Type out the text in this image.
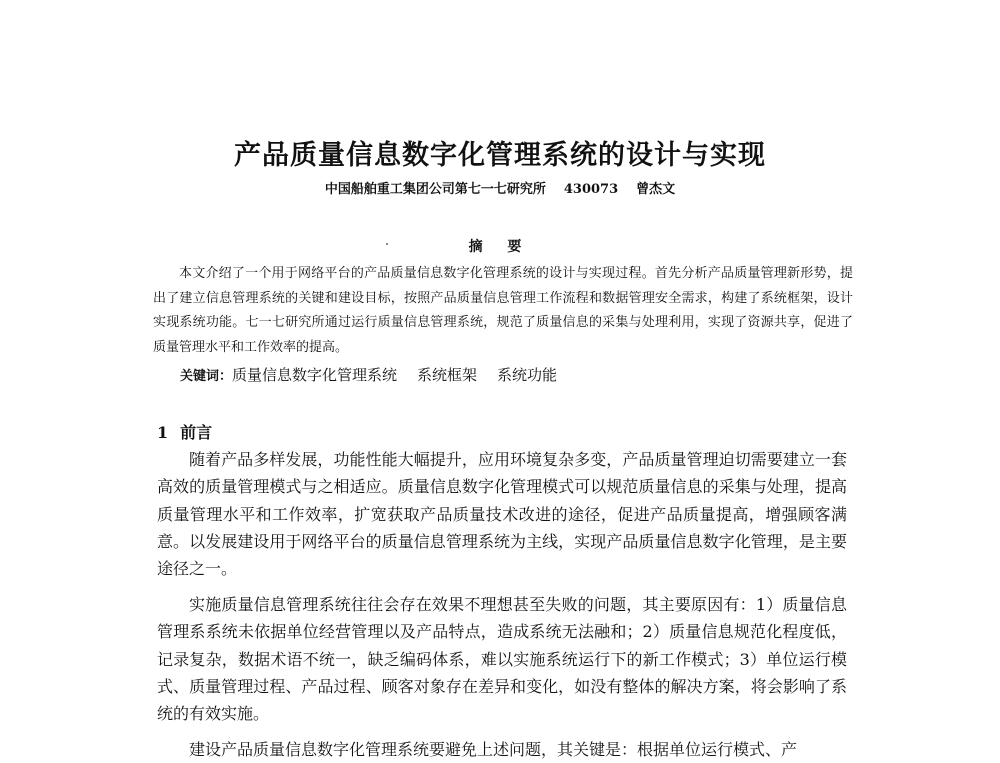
产品质量信息数字化管理系统的设计与实现
中国船舶重工集团公司第七一七研究所 430073 曾杰文
摘 要

本文介绍了一个用于网络平台的产品质量信息数字化管理系统的设计与实现过程。首先分析产品质量管理新形势，提出了建立信息管理系统的关键和建设目标，按照产品质量信息管理工作流程和数据管理安全需求，构建了系统框架，设计实现系统功能。七一七研究所通过运行质量信息管理系统，规范了质量信息的采集与处理利用，实现了资源共享，促进了质量管理水平和工作效率的提高。

关键词：质量信息数字化管理系统 系统框架 系统功能
1 前言

随着产品多样发展，功能性能大幅提升，应用环境复杂多变，产品质量管理迫切需要建立一套高效的质量管理模式与之相适应。质量信息数字化管理模式可以规范质量信息的采集与处理，提高质量管理水平和工作效率，扩宽获取产品质量技术改进的途径，促进产品质量提高，增强顾客满意。以发展建设用于网络平台的质量信息管理系统为主线，实现产品质量信息数字化管理，是主要途径之一。

实施质量信息管理系统往往会存在效果不理想甚至失败的问题，其主要原因有：1）质量信息管理系系统未依据单位经营管理以及产品特点，造成系统无法融和；2）质量信息规范化程度低，记录复杂，数据术语不统一，缺乏编码体系，难以实施系统运行下的新工作模式；3）单位运行模式、质量管理过程、产品过程、顾客对象存在差异和变化，如没有整体的解决方案，将会影响了系统的有效实施。

建设产品质量信息数字化管理系统要避免上述问题，其关键是：根据单位运行模式、产
